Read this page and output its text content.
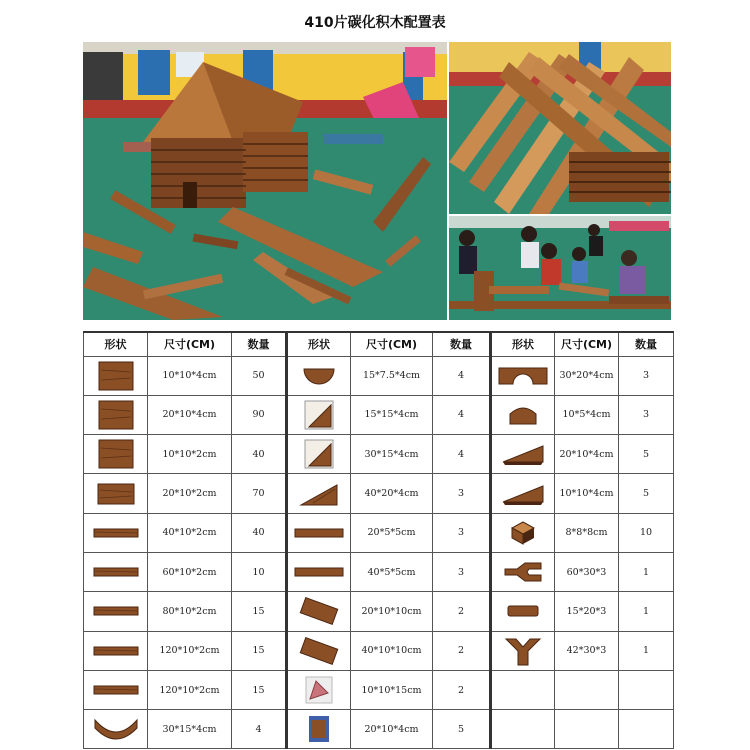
410片碳化积木配置表
形状	尺寸(CM)	数量	形状	尺寸(CM)	数量	形状	尺寸(CM)	数量

	10*10*4cm	50		15*7.5*4cm	4		30*20*4cm	3

	20*10*4cm	90		15*15*4cm	4		10*5*4cm	3

	10*10*2cm	40		30*15*4cm	4		20*10*4cm	5

	20*10*2cm	70		40*20*4cm	3		10*10*4cm	5

	40*10*2cm	40		20*5*5cm	3		8*8*8cm	10

	60*10*2cm	10		40*5*5cm	3		60*30*3	1

	80*10*2cm	15		20*10*10cm	2		15*20*3	1

	120*10*2cm	15		40*10*10cm	2		42*30*3	1

	120*10*2cm	15		10*10*15cm	2			

	30*15*4cm	4		20*10*4cm	5			
